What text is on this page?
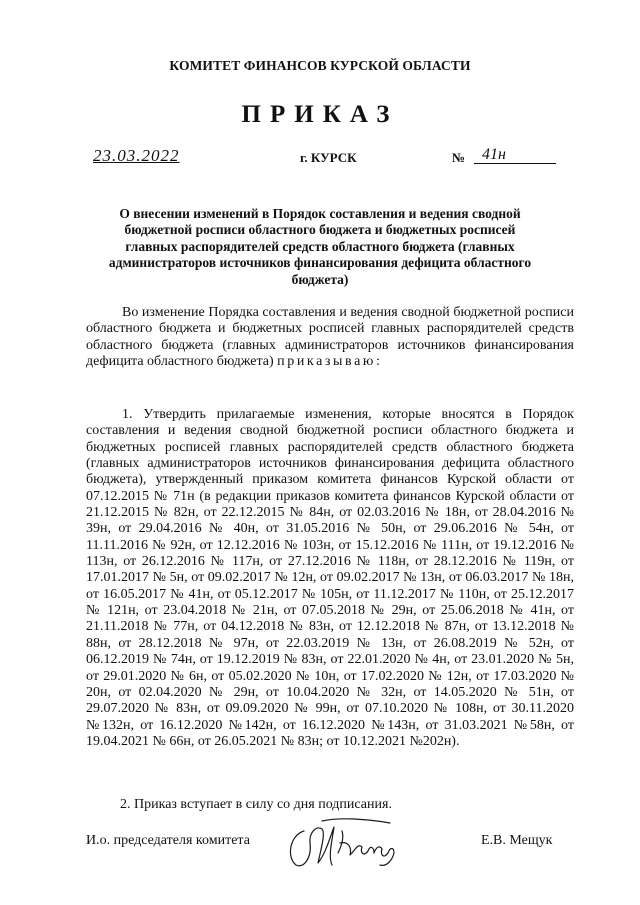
КОМИТЕТ ФИНАНСОВ КУРСКОЙ ОБЛАСТИ
ПРИКАЗ
23.03.2022	г. КУРСК	№ 41н
О внесении изменений в Порядок составления и ведения сводной бюджетной росписи областного бюджета и бюджетных росписей главных распорядителей средств областного бюджета (главных администраторов источников финансирования дефицита областного бюджета)
Во изменение Порядка составления и ведения сводной бюджетной росписи областного бюджета и бюджетных росписей главных распорядителей средств областного бюджета (главных администраторов источников финансирования дефицита областного бюджета) приказываю:
1. Утвердить прилагаемые изменения, которые вносятся в Порядок составления и ведения сводной бюджетной росписи областного бюджета и бюджетных росписей главных распорядителей средств областного бюджета (главных администраторов источников финансирования дефицита областного бюджета), утвержденный приказом комитета финансов Курской области от 07.12.2015 № 71н (в редакции приказов комитета финансов Курской области от 21.12.2015 № 82н, от 22.12.2015 № 84н, от 02.03.2016 № 18н, от 28.04.2016 № 39н, от 29.04.2016 № 40н, от 31.05.2016 № 50н, от 29.06.2016 № 54н, от 11.11.2016 № 92н, от 12.12.2016 № 103н, от 15.12.2016 № 111н, от 19.12.2016 № 113н, от 26.12.2016 № 117н, от 27.12.2016 № 118н, от 28.12.2016 № 119н, от 17.01.2017 № 5н, от 09.02.2017 № 12н, от 09.02.2017 № 13н, от 06.03.2017 № 18н, от 16.05.2017 № 41н, от 05.12.2017 № 105н, от 11.12.2017 № 110н, от 25.12.2017 № 121н, от 23.04.2018 № 21н, от 07.05.2018 № 29н, от 25.06.2018 № 41н, от 21.11.2018 № 77н, от 04.12.2018 № 83н, от 12.12.2018 № 87н, от 13.12.2018 № 88н, от 28.12.2018 № 97н, от 22.03.2019 № 13н, от 26.08.2019 № 52н, от 06.12.2019 № 74н, от 19.12.2019 № 83н, от 22.01.2020 № 4н, от 23.01.2020 № 5н, от 29.01.2020 № 6н, от 05.02.2020 № 10н, от 17.02.2020 № 12н, от 17.03.2020 № 20н, от 02.04.2020 № 29н, от 10.04.2020 № 32н, от 14.05.2020 № 51н, от 29.07.2020 № 83н, от 09.09.2020 № 99н, от 07.10.2020 № 108н, от 30.11.2020 №132н, от 16.12.2020 №142н, от 16.12.2020 №143н, от 31.03.2021 №58н, от 19.04.2021 № 66н, от 26.05.2021 № 83н; от 10.12.2021 №202н).
2. Приказ вступает в силу со дня подписания.
И.о. председателя комитета	Е.В. Мещук
